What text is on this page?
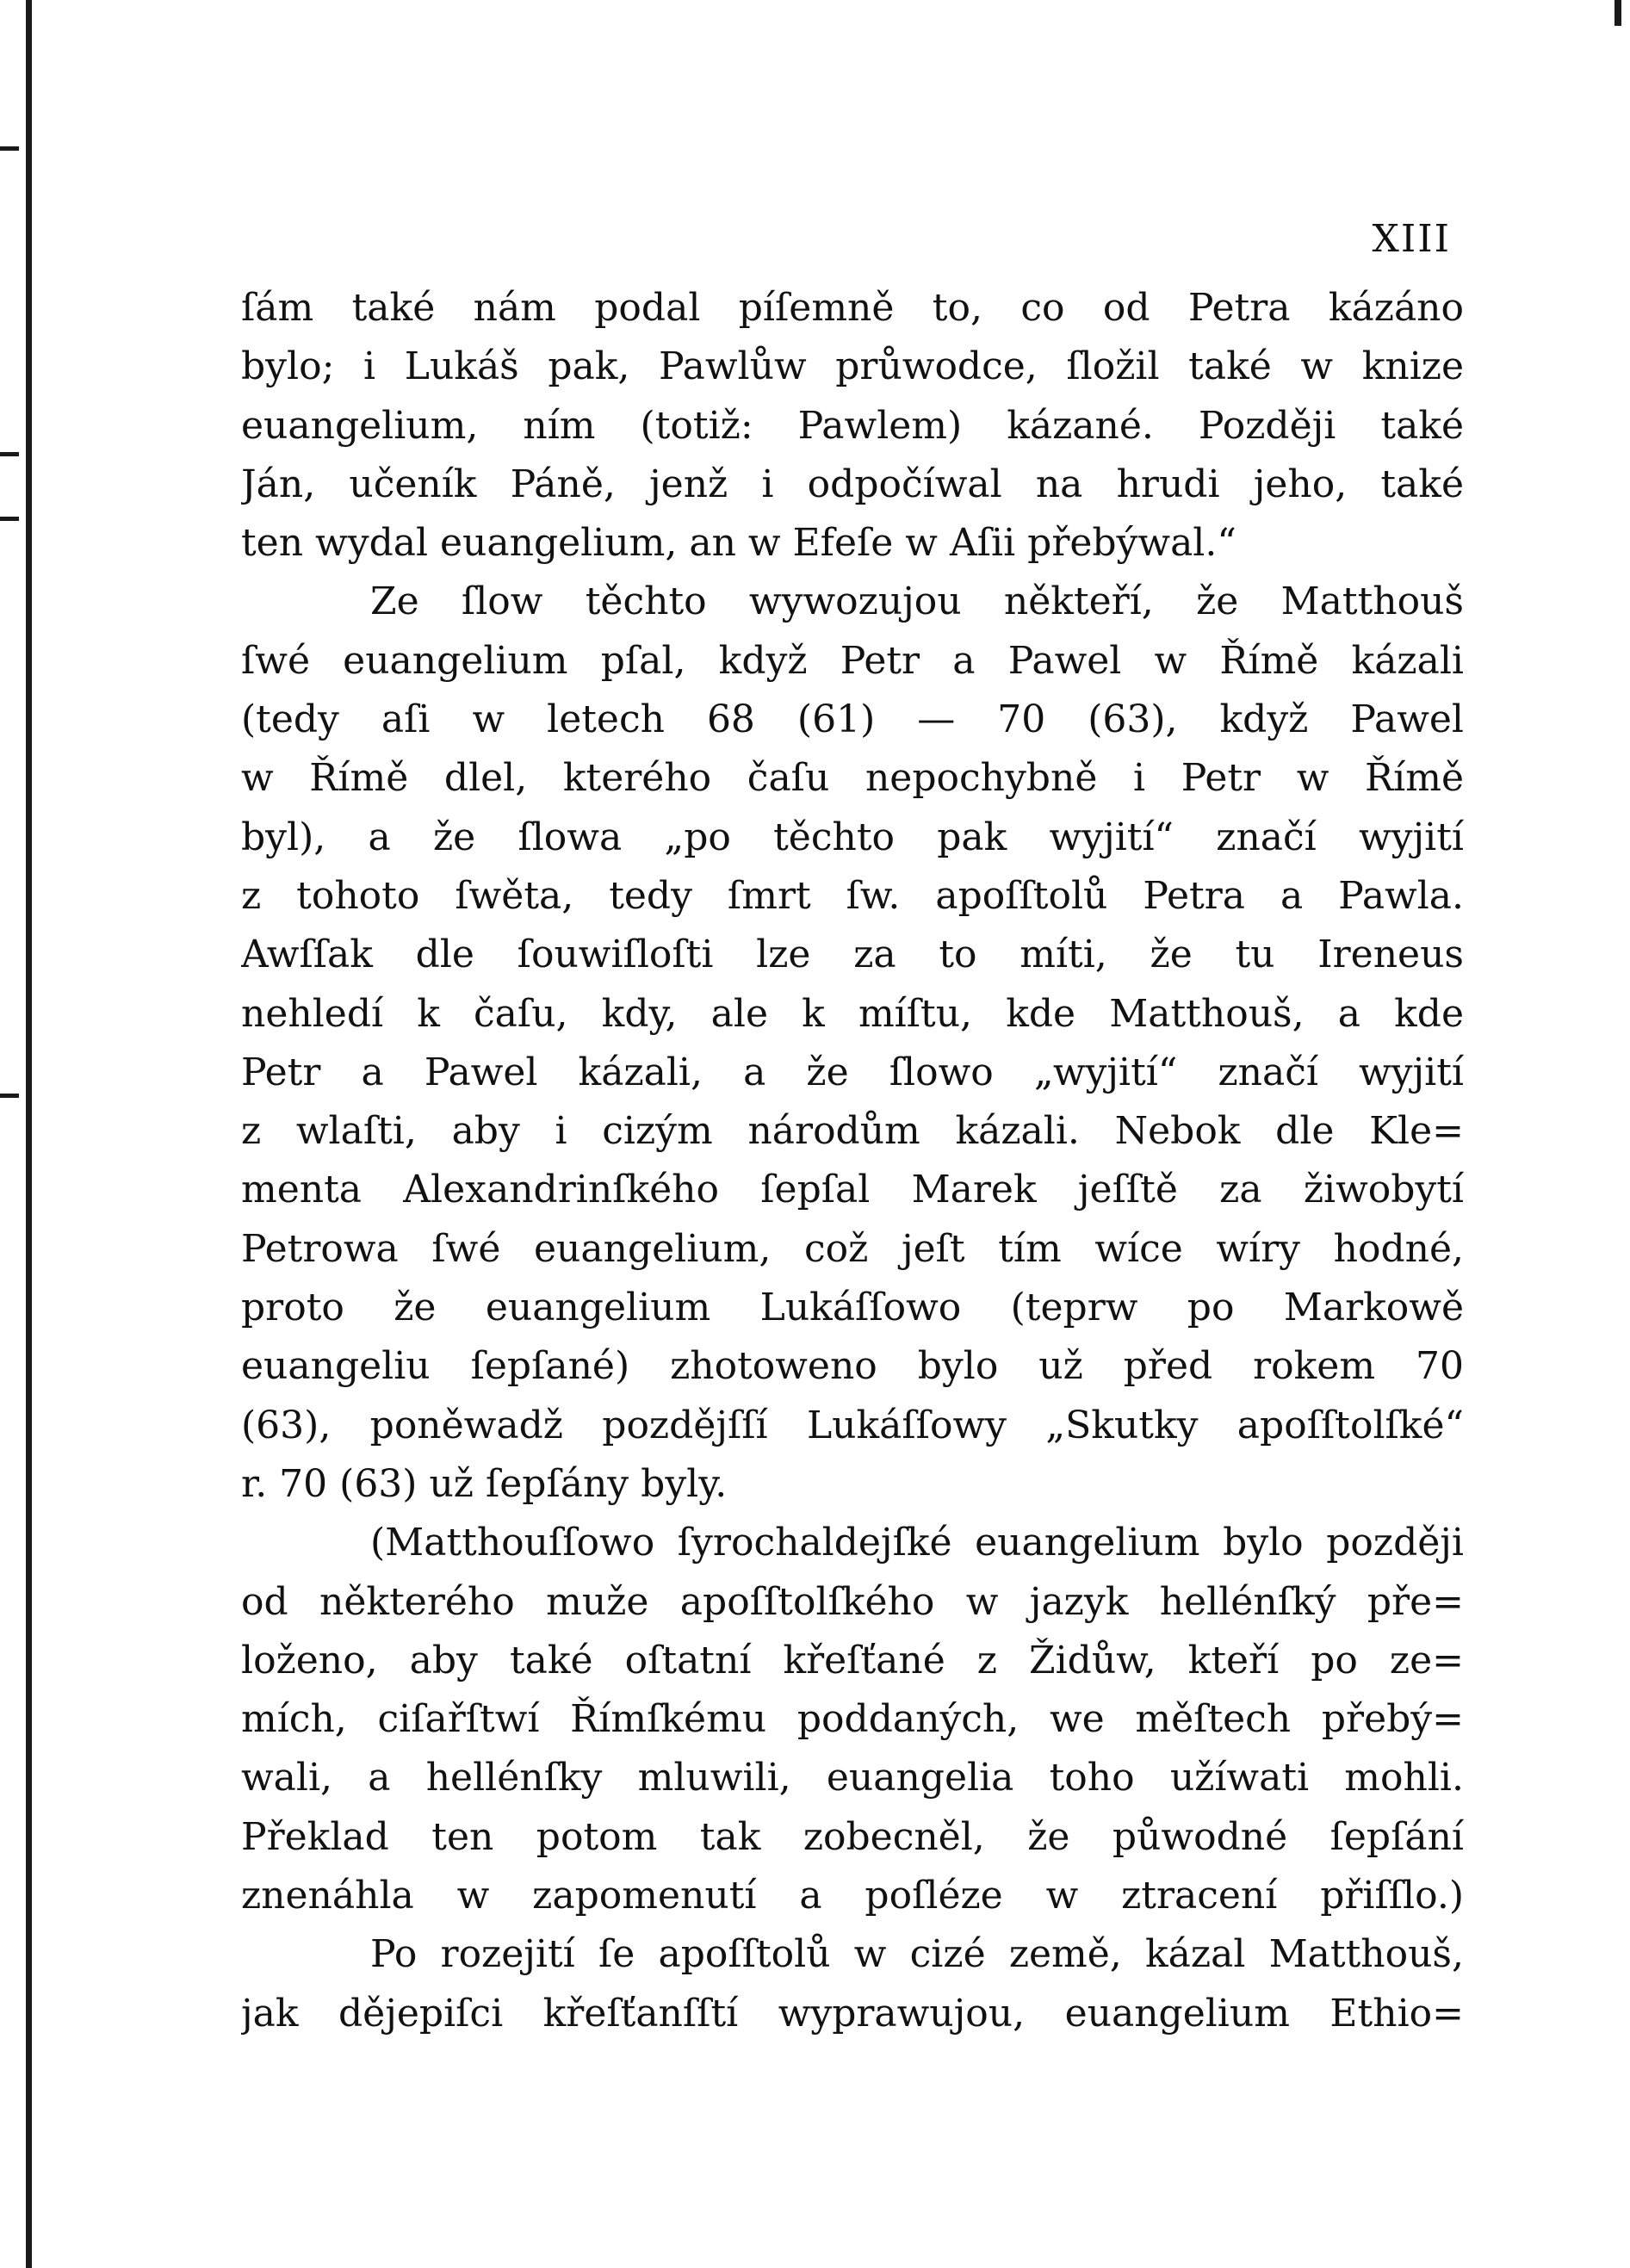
XIII
ſám také nám podal píſemně to, co od Petra kázáno
bylo; i Lukáš pak, Pawlůw průwodce, ſložil také w knize
euangelium, ním (totiž: Pawlem) kázané. Později také
Ján, učeník Páně, jenž i odpočíwal na hrudi jeho, také
ten wydal euangelium, an w Efeſe w Aſii přebýwal.“
Ze ſlow těchto wywozujou někteří, že Matthouš
ſwé euangelium pſal, když Petr a Pawel w Římě kázali
(tedy aſi w letech 68 (61) — 70 (63), když Pawel
w Římě dlel, kterého čaſu nepochybně i Petr w Římě
byl), a že ſlowa „po těchto pak wyjití“ značí wyjití
z tohoto ſwěta, tedy ſmrt ſw. apoſſtolů Petra a Pawla.
Awſſak dle ſouwiſloſti lze za to míti, že tu Ireneus
nehledí k čaſu, kdy, ale k míſtu, kde Matthouš, a kde
Petr a Pawel kázali, a že ſlowo „wyjití“ značí wyjití
z wlaſti, aby i cizým národům kázali. Nebok dle Kle=
menta Alexandrinſkého ſepſal Marek jeſſtě za žiwobytí
Petrowa ſwé euangelium, což jeſt tím wíce wíry hodné,
proto že euangelium Lukáſſowo (teprw po Markowě
euangeliu ſepſané) zhotoweno bylo už před rokem 70
(63), poněwadž pozdějſſí Lukáſſowy „Skutky apoſſtolſké“
r. 70 (63) už ſepſány byly.
(Matthouſſowo ſyrochaldejſké euangelium bylo později
od některého muže apoſſtolſkého w jazyk hellénſký pře=
loženo, aby také oſtatní křeſťané z Židůw, kteří po ze=
mích, ciſařſtwí Římſkému poddaných, we měſtech přebý=
wali, a hellénſky mluwili, euangelia toho užíwati mohli.
Překlad ten potom tak zobecněl, že půwodné ſepſání
znenáhla w zapomenutí a poſléze w ztracení přiſſlo.)
Po rozejití ſe apoſſtolů w cizé země, kázal Matthouš,
jak dějepiſci křeſťanſſtí wyprawujou, euangelium Ethio=
